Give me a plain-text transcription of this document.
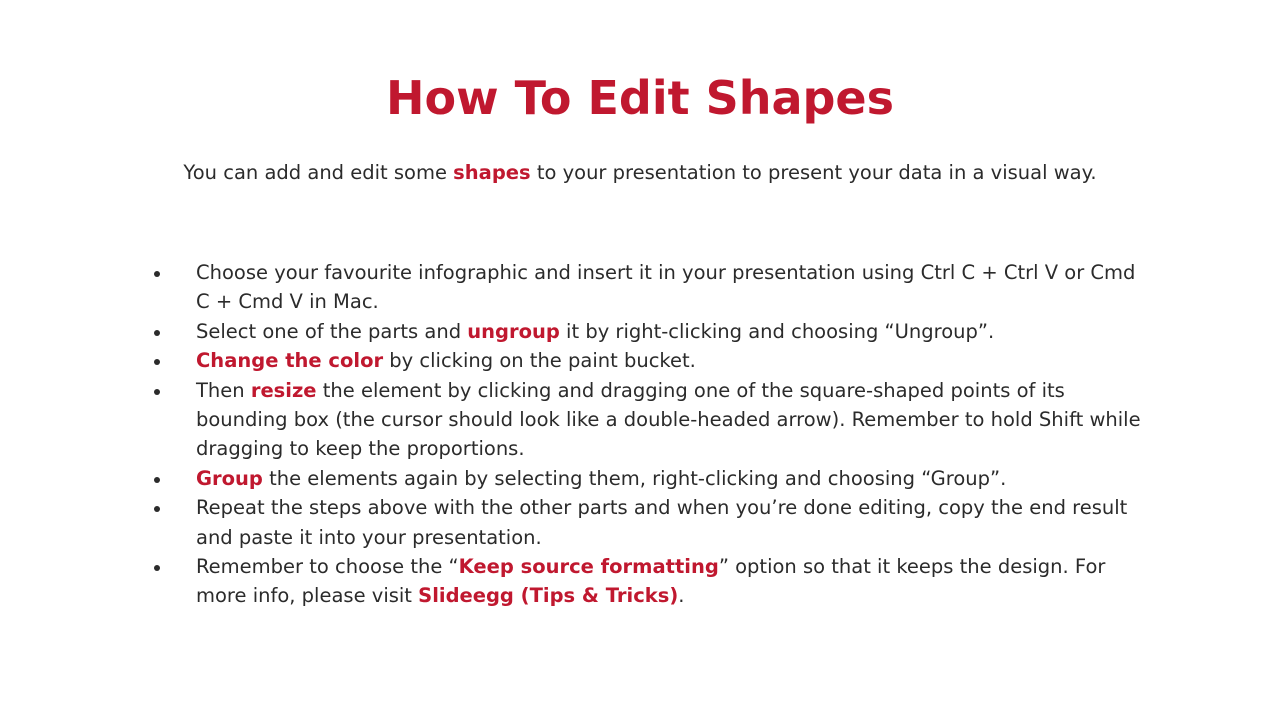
How To Edit Shapes

You can add and edit some shapes to your presentation to present your data in a visual way.

Choose your favourite infographic and insert it in your presentation using Ctrl C + Ctrl V or Cmd C + Cmd V in Mac.
Select one of the parts and ungroup it by right-clicking and choosing “Ungroup”.
Change the color by clicking on the paint bucket.
Then resize the element by clicking and dragging one of the square-shaped points of its bounding box (the cursor should look like a double-headed arrow). Remember to hold Shift while dragging to keep the proportions.
Group the elements again by selecting them, right-clicking and choosing “Group”.
Repeat the steps above with the other parts and when you’re done editing, copy the end result and paste it into your presentation.
Remember to choose the “Keep source formatting” option so that it keeps the design. For more info, please visit Slideegg (Tips & Tricks).
